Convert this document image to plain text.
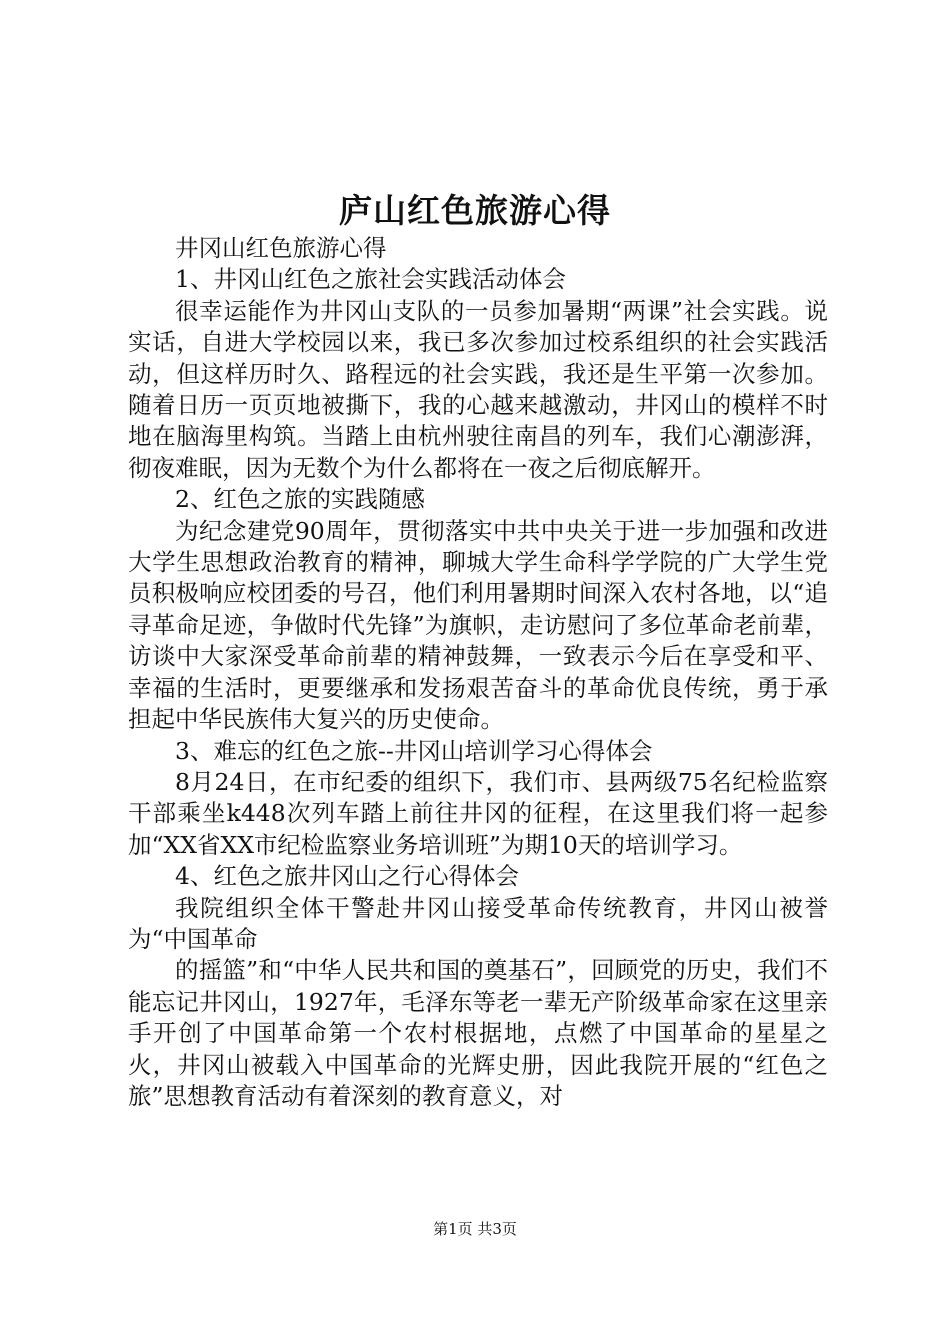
庐山红色旅游心得

井冈山红色旅游心得

1、井冈山红色之旅社会实践活动体会

很幸运能作为井冈山支队的一员参加暑期“两课”社会实践。说实话，自进大学校园以来，我已多次参加过校系组织的社会实践活动，但这样历时久、路程远的社会实践，我还是生平第一次参加。随着日历一页页地被撕下，我的心越来越激动，井冈山的模样不时地在脑海里构筑。当踏上由杭州驶往南昌的列车，我们心潮澎湃，彻夜难眠，因为无数个为什么都将在一夜之后彻底解开。

2、红色之旅的实践随感

为纪念建党90周年，贯彻落实中共中央关于进一步加强和改进大学生思想政治教育的精神，聊城大学生命科学学院的广大学生党员积极响应校团委的号召，他们利用暑期时间深入农村各地，以“追寻革命足迹，争做时代先锋”为旗帜，走访慰问了多位革命老前辈，访谈中大家深受革命前辈的精神鼓舞，一致表示今后在享受和平、幸福的生活时，更要继承和发扬艰苦奋斗的革命优良传统，勇于承担起中华民族伟大复兴的历史使命。

3、难忘的红色之旅--井冈山培训学习心得体会

8月24日，在市纪委的组织下，我们市、县两级75名纪检监察干部乘坐k448次列车踏上前往井冈的征程，在这里我们将一起参加“XX省XX市纪检监察业务培训班”为期10天的培训学习。

4、红色之旅井冈山之行心得体会

我院组织全体干警赴井冈山接受革命传统教育，井冈山被誉为“中国革命

的摇篮”和“中华人民共和国的奠基石”，回顾党的历史，我们不能忘记井冈山，1927年，毛泽东等老一辈无产阶级革命家在这里亲手开创了中国革命第一个农村根据地，点燃了中国革命的星星之火，井冈山被载入中国革命的光辉史册，因此我院开展的“红色之旅”思想教育活动有着深刻的教育意义，对

第1页 共3页
